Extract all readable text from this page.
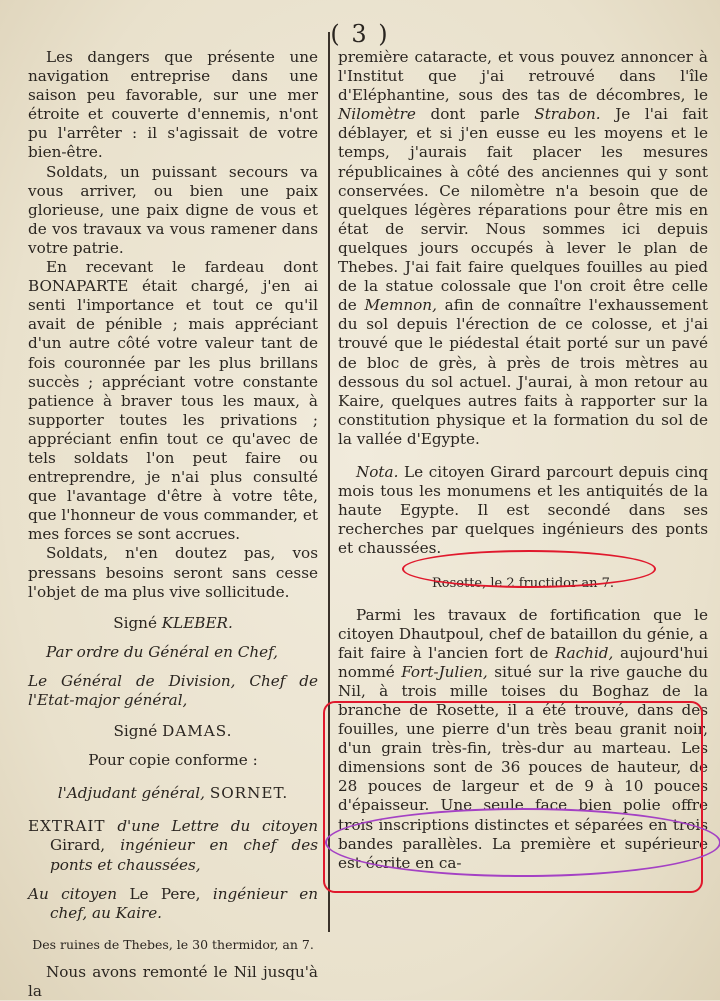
( 3 )

Les dangers que présente une navigation entreprise dans une saison peu favorable, sur une mer étroite et couverte d'ennemis, n'ont pu l'arrêter : il s'agissait de votre bien-être.

Soldats, un puissant secours va vous arriver, ou bien une paix glorieuse, une paix digne de vous et de vos travaux va vous ramener dans votre patrie.

En recevant le fardeau dont BONAPARTE était chargé, j'en ai senti l'importance et tout ce qu'il avait de pénible ; mais appréciant d'un autre côté votre valeur tant de fois couronnée par les plus brillans succès ; appréciant votre constante patience à braver tous les maux, à supporter toutes les privations ; appréciant enfin tout ce qu'avec de tels soldats l'on peut faire ou entreprendre, je n'ai plus consulté que l'avantage d'être à votre tête, que l'honneur de vous commander, et mes forces se sont accrues.

Soldats, n'en doutez pas, vos pressans besoins seront sans cesse l'objet de ma plus vive sollicitude.

Signé KLEBER.

Par ordre du Général en Chef,

Le Général de Division, Chef de l'Etat-major général,

Signé DAMAS.

Pour copie conforme :

l'Adjudant général, SORNET.

EXTRAIT d'une Lettre du citoyen Girard, ingénieur en chef des ponts et chaussées,

Au citoyen Le Pere, ingénieur en chef, au Kaire.

Des ruines de Thebes, le 30 thermidor, an 7.

Nous avons remonté le Nil jusqu'à la

première cataracte, et vous pouvez annoncer à l'Institut que j'ai retrouvé dans l'île d'Eléphantine, sous des tas de décombres, le Nilomètre dont parle Strabon. Je l'ai fait déblayer, et si j'en eusse eu les moyens et le temps, j'aurais fait placer les mesures républicaines à côté des anciennes qui y sont conservées. Ce nilomètre n'a besoin que de quelques légères réparations pour être mis en état de servir. Nous sommes ici depuis quelques jours occupés à lever le plan de Thebes. J'ai fait faire quelques fouilles au pied de la statue colossale que l'on croit être celle de Memnon, afin de connaître l'exhaussement du sol depuis l'érection de ce colosse, et j'ai trouvé que le piédestal était porté sur un pavé de bloc de grès, à près de trois mètres au dessous du sol actuel. J'aurai, à mon retour au Kaire, quelques autres faits à rapporter sur la constitution physique et la formation du sol de la vallée d'Egypte.

Nota. Le citoyen Girard parcourt depuis cinq mois tous les monumens et les antiquités de la haute Egypte. Il est secondé dans ses recherches par quelques ingénieurs des ponts et chaussées.

Rosette, le 2 fructidor an 7.

Parmi les travaux de fortification que le citoyen Dhautpoul, chef de bataillon du génie, a fait faire à l'ancien fort de Rachid, aujourd'hui nommé Fort-Julien, situé sur la rive gauche du Nil, à trois mille toises du Boghaz de la branche de Rosette, il a été trouvé, dans des fouilles, une pierre d'un très beau granit noir, d'un grain très-fin, très-dur au marteau. Les dimensions sont de 36 pouces de hauteur, de 28 pouces de largeur et de 9 à 10 pouces d'épaisseur. Une seule face bien polie offre trois inscriptions distinctes et séparées en trois bandes parallèles. La première et supérieure est écrite en ca-
